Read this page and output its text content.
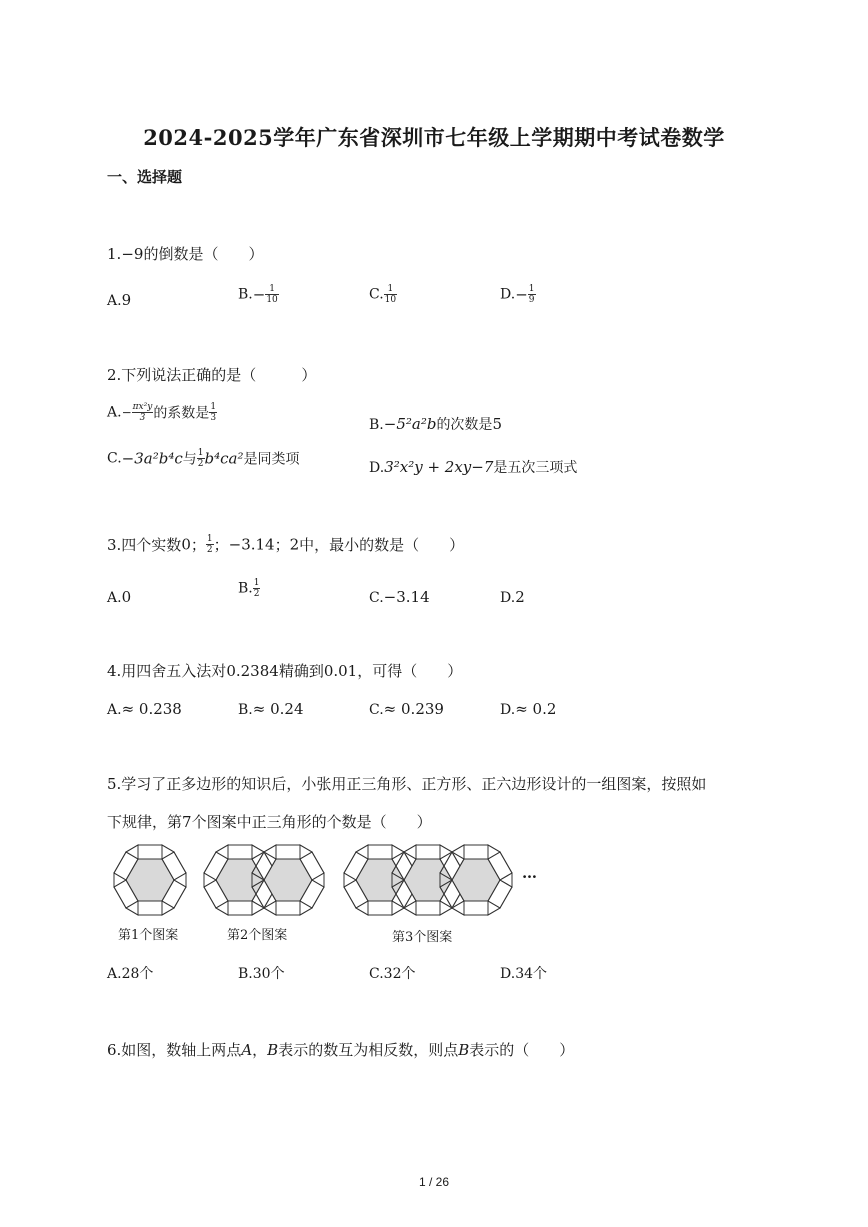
2024-2025学年广东省深圳市七年级上学期期中考试卷数学
一、选择题
1.−9的倒数是（　　）
A.9	$B.- \frac{1}{10}$	C. $\frac{1}{10}$	$D.- \frac{1}{9}$
2.下列说法正确的是（　　　）
$A.- \frac{\text{πx²y}}{3}$ 的系数是 $\frac{1}{3}$
B.−5²a²b的次数是5
C.−3a²b⁴c与 $\frac{1}{2} b^4ca^2$是同类项
D.3²x²y + 2xy−7是五次三项式
3.四个实数0； $\frac{1}{2}$ ；−3.14；2中，最小的数是（　　）
A.0	B. $\frac{1}{2}$	C.−3.14	D.2
4.用四舍五入法对0.2384精确到0.01，可得（　　）
A.≈ 0.238	B.≈ 0.24	C.≈ 0.239	D.≈ 0.2
5.学习了正多边形的知识后，小张用正三角形、正方形、正六边形设计的一组图案，按照如
下规律，第7个图案中正三角形的个数是（　　）
…
第1个图案	第2个图案	第3个图案
A.28个	B.30个	C.32个	D.34个
6.如图，数轴上两点A，B表示的数互为相反数，则点B表示的（　　）
1 / 26
